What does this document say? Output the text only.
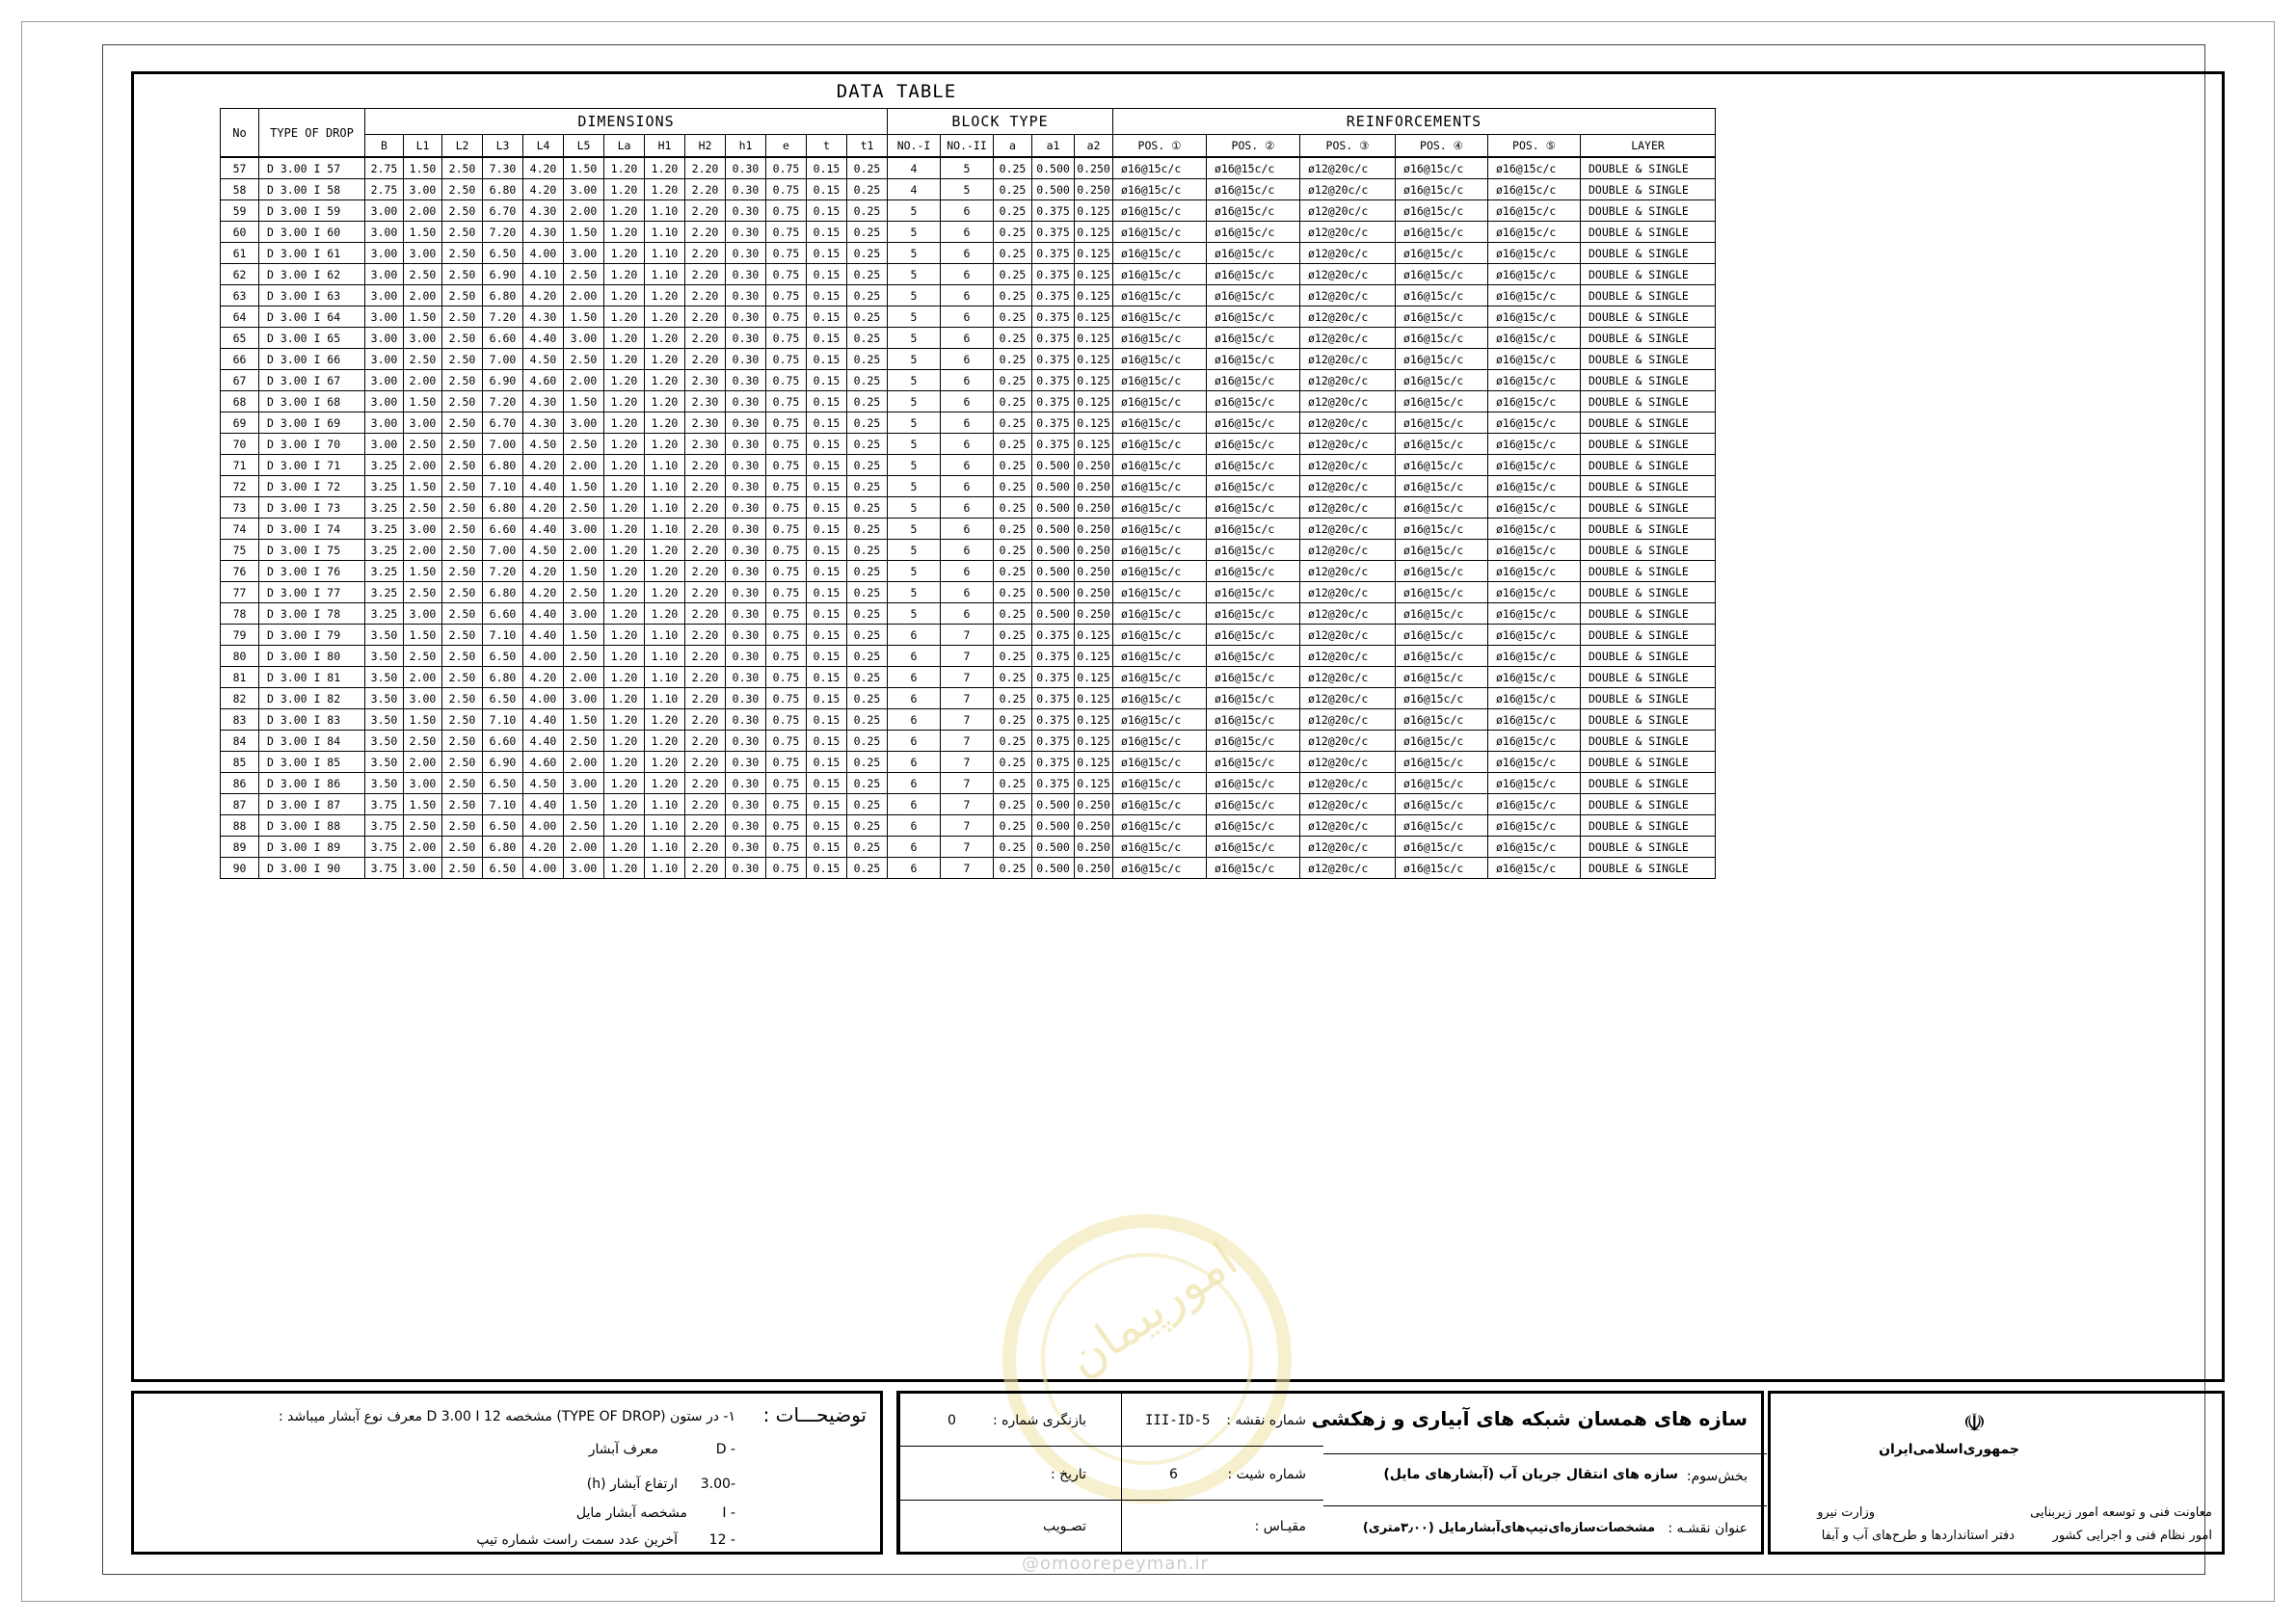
DATA TABLE
No	TYPE OF DROP	DIMENSIONS													BLOCK TYPE					REINFORCEMENTS					
		B	L1	L2	L3	L4	L5	La	H1	H2	h1	e	t	t1	NO.-I	NO.-II	a	a1	a2	POS. ①	POS. ②	POS. ③	POS. ④	POS. ⑤	LAYER
57	D 3.00 I 57	2.75	1.50	2.50	7.30	4.20	1.50	1.20	1.20	2.20	0.30	0.75	0.15	0.25	4	5	0.25	0.500	0.250	ø16@15c/c	ø16@15c/c	ø12@20c/c	ø16@15c/c	ø16@15c/c	DOUBLE & SINGLE
58	D 3.00 I 58	2.75	3.00	2.50	6.80	4.20	3.00	1.20	1.20	2.20	0.30	0.75	0.15	0.25	4	5	0.25	0.500	0.250	ø16@15c/c	ø16@15c/c	ø12@20c/c	ø16@15c/c	ø16@15c/c	DOUBLE & SINGLE
59	D 3.00 I 59	3.00	2.00	2.50	6.70	4.30	2.00	1.20	1.10	2.20	0.30	0.75	0.15	0.25	5	6	0.25	0.375	0.125	ø16@15c/c	ø16@15c/c	ø12@20c/c	ø16@15c/c	ø16@15c/c	DOUBLE & SINGLE
60	D 3.00 I 60	3.00	1.50	2.50	7.20	4.30	1.50	1.20	1.10	2.20	0.30	0.75	0.15	0.25	5	6	0.25	0.375	0.125	ø16@15c/c	ø16@15c/c	ø12@20c/c	ø16@15c/c	ø16@15c/c	DOUBLE & SINGLE
61	D 3.00 I 61	3.00	3.00	2.50	6.50	4.00	3.00	1.20	1.10	2.20	0.30	0.75	0.15	0.25	5	6	0.25	0.375	0.125	ø16@15c/c	ø16@15c/c	ø12@20c/c	ø16@15c/c	ø16@15c/c	DOUBLE & SINGLE
62	D 3.00 I 62	3.00	2.50	2.50	6.90	4.10	2.50	1.20	1.10	2.20	0.30	0.75	0.15	0.25	5	6	0.25	0.375	0.125	ø16@15c/c	ø16@15c/c	ø12@20c/c	ø16@15c/c	ø16@15c/c	DOUBLE & SINGLE
63	D 3.00 I 63	3.00	2.00	2.50	6.80	4.20	2.00	1.20	1.20	2.20	0.30	0.75	0.15	0.25	5	6	0.25	0.375	0.125	ø16@15c/c	ø16@15c/c	ø12@20c/c	ø16@15c/c	ø16@15c/c	DOUBLE & SINGLE
64	D 3.00 I 64	3.00	1.50	2.50	7.20	4.30	1.50	1.20	1.20	2.20	0.30	0.75	0.15	0.25	5	6	0.25	0.375	0.125	ø16@15c/c	ø16@15c/c	ø12@20c/c	ø16@15c/c	ø16@15c/c	DOUBLE & SINGLE
65	D 3.00 I 65	3.00	3.00	2.50	6.60	4.40	3.00	1.20	1.20	2.20	0.30	0.75	0.15	0.25	5	6	0.25	0.375	0.125	ø16@15c/c	ø16@15c/c	ø12@20c/c	ø16@15c/c	ø16@15c/c	DOUBLE & SINGLE
66	D 3.00 I 66	3.00	2.50	2.50	7.00	4.50	2.50	1.20	1.20	2.20	0.30	0.75	0.15	0.25	5	6	0.25	0.375	0.125	ø16@15c/c	ø16@15c/c	ø12@20c/c	ø16@15c/c	ø16@15c/c	DOUBLE & SINGLE
67	D 3.00 I 67	3.00	2.00	2.50	6.90	4.60	2.00	1.20	1.20	2.30	0.30	0.75	0.15	0.25	5	6	0.25	0.375	0.125	ø16@15c/c	ø16@15c/c	ø12@20c/c	ø16@15c/c	ø16@15c/c	DOUBLE & SINGLE
68	D 3.00 I 68	3.00	1.50	2.50	7.20	4.30	1.50	1.20	1.20	2.30	0.30	0.75	0.15	0.25	5	6	0.25	0.375	0.125	ø16@15c/c	ø16@15c/c	ø12@20c/c	ø16@15c/c	ø16@15c/c	DOUBLE & SINGLE
69	D 3.00 I 69	3.00	3.00	2.50	6.70	4.30	3.00	1.20	1.20	2.30	0.30	0.75	0.15	0.25	5	6	0.25	0.375	0.125	ø16@15c/c	ø16@15c/c	ø12@20c/c	ø16@15c/c	ø16@15c/c	DOUBLE & SINGLE
70	D 3.00 I 70	3.00	2.50	2.50	7.00	4.50	2.50	1.20	1.20	2.30	0.30	0.75	0.15	0.25	5	6	0.25	0.375	0.125	ø16@15c/c	ø16@15c/c	ø12@20c/c	ø16@15c/c	ø16@15c/c	DOUBLE & SINGLE
71	D 3.00 I 71	3.25	2.00	2.50	6.80	4.20	2.00	1.20	1.10	2.20	0.30	0.75	0.15	0.25	5	6	0.25	0.500	0.250	ø16@15c/c	ø16@15c/c	ø12@20c/c	ø16@15c/c	ø16@15c/c	DOUBLE & SINGLE
72	D 3.00 I 72	3.25	1.50	2.50	7.10	4.40	1.50	1.20	1.10	2.20	0.30	0.75	0.15	0.25	5	6	0.25	0.500	0.250	ø16@15c/c	ø16@15c/c	ø12@20c/c	ø16@15c/c	ø16@15c/c	DOUBLE & SINGLE
73	D 3.00 I 73	3.25	2.50	2.50	6.80	4.20	2.50	1.20	1.10	2.20	0.30	0.75	0.15	0.25	5	6	0.25	0.500	0.250	ø16@15c/c	ø16@15c/c	ø12@20c/c	ø16@15c/c	ø16@15c/c	DOUBLE & SINGLE
74	D 3.00 I 74	3.25	3.00	2.50	6.60	4.40	3.00	1.20	1.10	2.20	0.30	0.75	0.15	0.25	5	6	0.25	0.500	0.250	ø16@15c/c	ø16@15c/c	ø12@20c/c	ø16@15c/c	ø16@15c/c	DOUBLE & SINGLE
75	D 3.00 I 75	3.25	2.00	2.50	7.00	4.50	2.00	1.20	1.20	2.20	0.30	0.75	0.15	0.25	5	6	0.25	0.500	0.250	ø16@15c/c	ø16@15c/c	ø12@20c/c	ø16@15c/c	ø16@15c/c	DOUBLE & SINGLE
76	D 3.00 I 76	3.25	1.50	2.50	7.20	4.20	1.50	1.20	1.20	2.20	0.30	0.75	0.15	0.25	5	6	0.25	0.500	0.250	ø16@15c/c	ø16@15c/c	ø12@20c/c	ø16@15c/c	ø16@15c/c	DOUBLE & SINGLE
77	D 3.00 I 77	3.25	2.50	2.50	6.80	4.20	2.50	1.20	1.20	2.20	0.30	0.75	0.15	0.25	5	6	0.25	0.500	0.250	ø16@15c/c	ø16@15c/c	ø12@20c/c	ø16@15c/c	ø16@15c/c	DOUBLE & SINGLE
78	D 3.00 I 78	3.25	3.00	2.50	6.60	4.40	3.00	1.20	1.20	2.20	0.30	0.75	0.15	0.25	5	6	0.25	0.500	0.250	ø16@15c/c	ø16@15c/c	ø12@20c/c	ø16@15c/c	ø16@15c/c	DOUBLE & SINGLE
79	D 3.00 I 79	3.50	1.50	2.50	7.10	4.40	1.50	1.20	1.10	2.20	0.30	0.75	0.15	0.25	6	7	0.25	0.375	0.125	ø16@15c/c	ø16@15c/c	ø12@20c/c	ø16@15c/c	ø16@15c/c	DOUBLE & SINGLE
80	D 3.00 I 80	3.50	2.50	2.50	6.50	4.00	2.50	1.20	1.10	2.20	0.30	0.75	0.15	0.25	6	7	0.25	0.375	0.125	ø16@15c/c	ø16@15c/c	ø12@20c/c	ø16@15c/c	ø16@15c/c	DOUBLE & SINGLE
81	D 3.00 I 81	3.50	2.00	2.50	6.80	4.20	2.00	1.20	1.10	2.20	0.30	0.75	0.15	0.25	6	7	0.25	0.375	0.125	ø16@15c/c	ø16@15c/c	ø12@20c/c	ø16@15c/c	ø16@15c/c	DOUBLE & SINGLE
82	D 3.00 I 82	3.50	3.00	2.50	6.50	4.00	3.00	1.20	1.10	2.20	0.30	0.75	0.15	0.25	6	7	0.25	0.375	0.125	ø16@15c/c	ø16@15c/c	ø12@20c/c	ø16@15c/c	ø16@15c/c	DOUBLE & SINGLE
83	D 3.00 I 83	3.50	1.50	2.50	7.10	4.40	1.50	1.20	1.20	2.20	0.30	0.75	0.15	0.25	6	7	0.25	0.375	0.125	ø16@15c/c	ø16@15c/c	ø12@20c/c	ø16@15c/c	ø16@15c/c	DOUBLE & SINGLE
84	D 3.00 I 84	3.50	2.50	2.50	6.60	4.40	2.50	1.20	1.20	2.20	0.30	0.75	0.15	0.25	6	7	0.25	0.375	0.125	ø16@15c/c	ø16@15c/c	ø12@20c/c	ø16@15c/c	ø16@15c/c	DOUBLE & SINGLE
85	D 3.00 I 85	3.50	2.00	2.50	6.90	4.60	2.00	1.20	1.20	2.20	0.30	0.75	0.15	0.25	6	7	0.25	0.375	0.125	ø16@15c/c	ø16@15c/c	ø12@20c/c	ø16@15c/c	ø16@15c/c	DOUBLE & SINGLE
86	D 3.00 I 86	3.50	3.00	2.50	6.50	4.50	3.00	1.20	1.20	2.20	0.30	0.75	0.15	0.25	6	7	0.25	0.375	0.125	ø16@15c/c	ø16@15c/c	ø12@20c/c	ø16@15c/c	ø16@15c/c	DOUBLE & SINGLE
87	D 3.00 I 87	3.75	1.50	2.50	7.10	4.40	1.50	1.20	1.10	2.20	0.30	0.75	0.15	0.25	6	7	0.25	0.500	0.250	ø16@15c/c	ø16@15c/c	ø12@20c/c	ø16@15c/c	ø16@15c/c	DOUBLE & SINGLE
88	D 3.00 I 88	3.75	2.50	2.50	6.50	4.00	2.50	1.20	1.10	2.20	0.30	0.75	0.15	0.25	6	7	0.25	0.500	0.250	ø16@15c/c	ø16@15c/c	ø12@20c/c	ø16@15c/c	ø16@15c/c	DOUBLE & SINGLE
89	D 3.00 I 89	3.75	2.00	2.50	6.80	4.20	2.00	1.20	1.10	2.20	0.30	0.75	0.15	0.25	6	7	0.25	0.500	0.250	ø16@15c/c	ø16@15c/c	ø12@20c/c	ø16@15c/c	ø16@15c/c	DOUBLE & SINGLE
90	D 3.00 I 90	3.75	3.00	2.50	6.50	4.00	3.00	1.20	1.10	2.20	0.30	0.75	0.15	0.25	6	7	0.25	0.500	0.250	ø16@15c/c	ø16@15c/c	ø12@20c/c	ø16@15c/c	ø16@15c/c	DOUBLE & SINGLE
امورپیمان
@omoorepeyman.ir
توضیحـــات :
۱- در ستون (TYPE OF DROP) مشخصه D 3.00 I 12 معرف نوع آبشار میباشد :
- D
معرف آبشار
-3.00
ارتفاع آبشار (h)
- I
مشخصه آبشار مایل
- 12
آخرین عدد سمت راست شماره تیپ
بازنگری شماره :
0
تاریخ :
تصـویب
شماره نقشه :
III-ID-5
شماره شیت :
6
مقیـاس :
سازه های همسان شبکه های آبیاری و زهکشی
بخش‌سوم:
سازه های انتقال جریان آب (آبشارهای مایل)
عنوان نقشـه :
مشخصات‌سازه‌ای‌تیپ‌های‌آبشارمایل (۳٫۰۰متری)
☫
جمهوری‌اسلامی‌ایران
معاونت فنی و توسعه امور زیربنایی
وزارت نیرو
امور نظام فنی و اجرایی کشور
دفتر استانداردها و طرح‌های آب و آبفا
